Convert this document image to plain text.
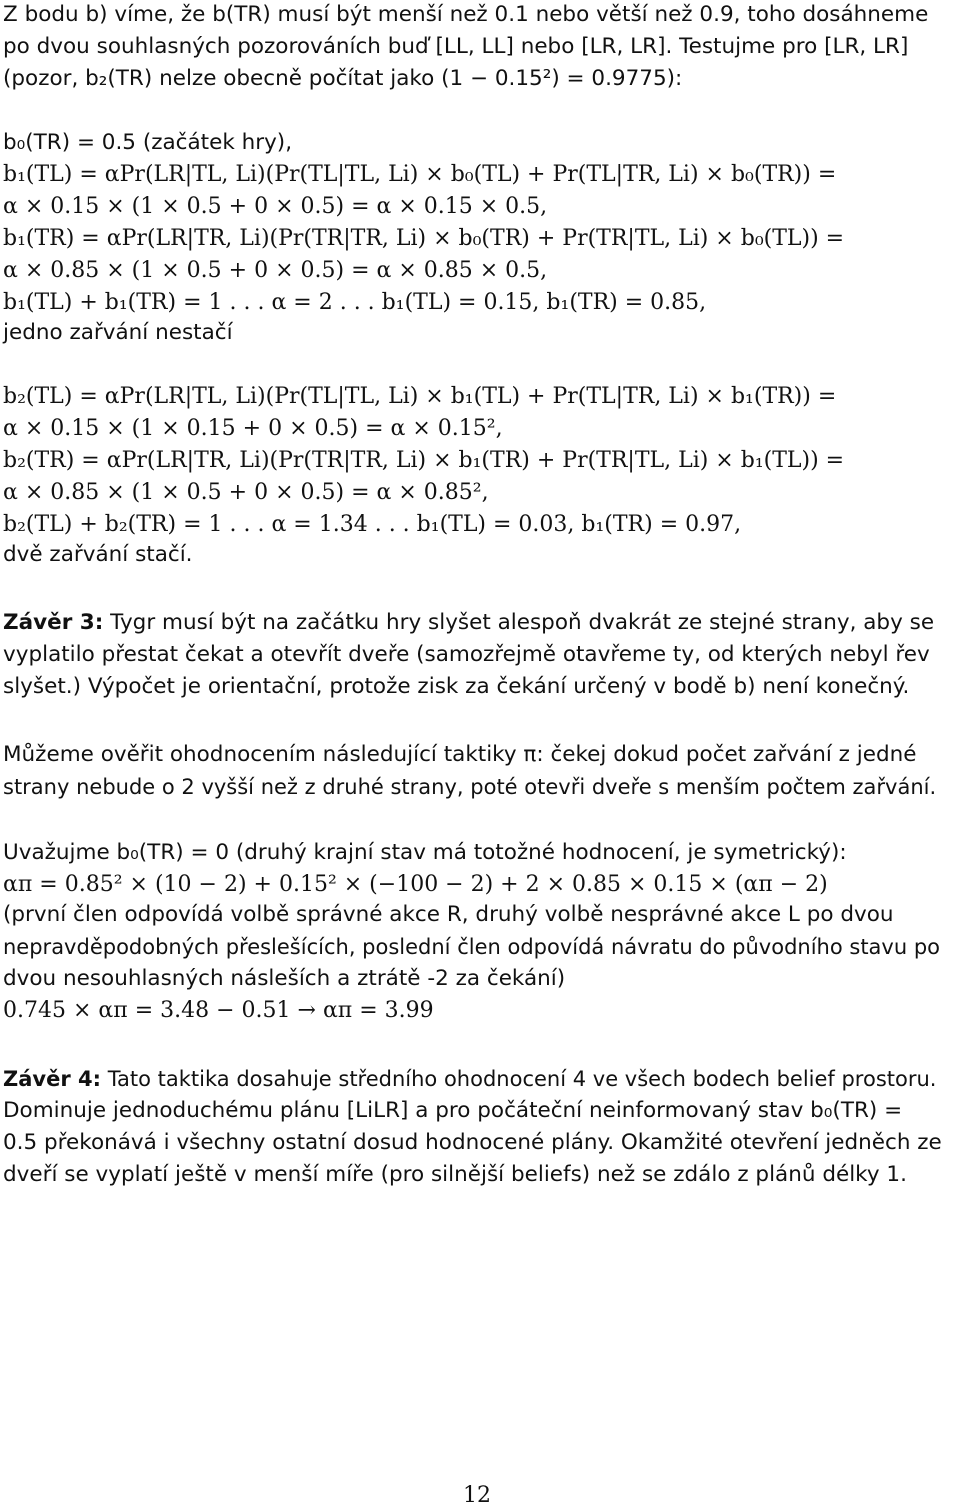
Z bodu b) víme, že b(TR) musí být menší než 0.1 nebo větší než 0.9, toho dosáhneme
po dvou souhlasných pozorováních buď [LL, LL] nebo [LR, LR]. Testujme pro [LR, LR]
(pozor, b₂(TR) nelze obecně počítat jako (1 − 0.15²) = 0.9775):
b₀(TR) = 0.5 (začátek hry),
b₁(TL) = αPr(LR|TL, Li)(Pr(TL|TL, Li) × b₀(TL) + Pr(TL|TR, Li) × b₀(TR)) =
α × 0.15 × (1 × 0.5 + 0 × 0.5) = α × 0.15 × 0.5,
b₁(TR) = αPr(LR|TR, Li)(Pr(TR|TR, Li) × b₀(TR) + Pr(TR|TL, Li) × b₀(TL)) =
α × 0.85 × (1 × 0.5 + 0 × 0.5) = α × 0.85 × 0.5,
b₁(TL) + b₁(TR) = 1 . . . α = 2 . . . b₁(TL) = 0.15, b₁(TR) = 0.85,
jedno zařvání nestačí
b₂(TL) = αPr(LR|TL, Li)(Pr(TL|TL, Li) × b₁(TL) + Pr(TL|TR, Li) × b₁(TR)) =
α × 0.15 × (1 × 0.15 + 0 × 0.5) = α × 0.15²,
b₂(TR) = αPr(LR|TR, Li)(Pr(TR|TR, Li) × b₁(TR) + Pr(TR|TL, Li) × b₁(TL)) =
α × 0.85 × (1 × 0.5 + 0 × 0.5) = α × 0.85²,
b₂(TL) + b₂(TR) = 1 . . . α = 1.34 . . . b₁(TL) = 0.03, b₁(TR) = 0.97,
dvě zařvání stačí.
Závěr 3: Tygr musí být na začátku hry slyšet alespoň dvakrát ze stejné strany, aby se
vyplatilo přestat čekat a otevřít dveře (samozřejmě otavřeme ty, od kterých nebyl řev
slyšet.) Výpočet je orientační, protože zisk za čekání určený v bodě b) není konečný.
Můžeme ověřit ohodnocením následující taktiky π: čekej dokud počet zařvání z jedné
strany nebude o 2 vyšší než z druhé strany, poté otevři dveře s menším počtem zařvání.
Uvažujme b₀(TR) = 0 (druhý krajní stav má totožné hodnocení, je symetrický):
απ = 0.85² × (10 − 2) + 0.15² × (−100 − 2) + 2 × 0.85 × 0.15 × (απ − 2)
(první člen odpovídá volbě správné akce R, druhý volbě nesprávné akce L po dvou
nepravděpodobných přeslešících, poslední člen odpovídá návratu do původního stavu po
dvou nesouhlasných násleších a ztrátě -2 za čekání)
0.745 × απ = 3.48 − 0.51 → απ = 3.99
Závěr 4: Tato taktika dosahuje středního ohodnocení 4 ve všech bodech belief prostoru.
Dominuje jednoduchému plánu [LiLR] a pro počáteční neinformovaný stav b₀(TR) =
0.5 překonává i všechny ostatní dosud hodnocené plány. Okamžité otevření jedněch ze
dveří se vyplatí ještě v menší míře (pro silnější beliefs) než se zdálo z plánů délky 1.
12
